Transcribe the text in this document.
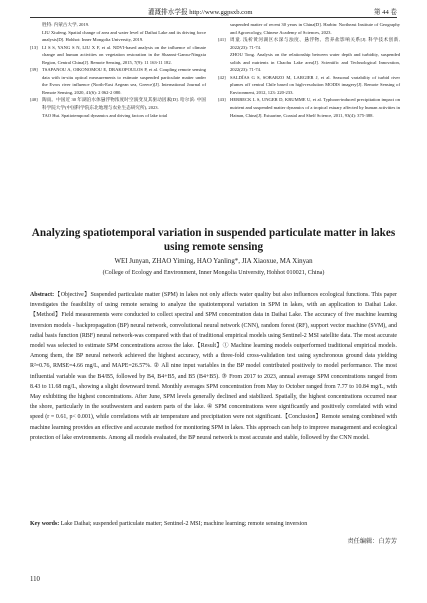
灌溉排水学报 http://www.ggpsxb.com	第 44 卷
胜特: 内蒙古大学, 2019.
LIU Xiufeng. Spatial change of area and water level of Daihai Lake and its driving force analysis[D]. Hohhot: Inner Mongolia University, 2019.
[13] LI S S, YANG S N, LIU X F, et al. NDVI-based analysis on the influence of climate change and human activities on vegetation restoration in the Shaanxi-Gansu-Ningxia Region, Central China[J]. Remote Sensing, 2015, 7(9): 11 163-11 182.
[39] TSAPANOU A, OIKONOMOU E, DRAKOPOULOS P, et al. Coupling remote sensing data with in-situ optical measurements to estimate suspended particulate matter under the Evros river influence (North-East Aegean sea, Greece)[J]. International Journal of Remote Sensing, 2020, 41(6): 2 062-2 080.
[40] 陶雨。中国近 30 年湖泊水体悬浮物浓度时空演变及其驱动因素[D]. 哈尔滨: 中国科学院大学(中国科学院东北地理与农业生态研究所), 2023.
TAO Hui. Spatiotemporal dynamics and driving factors of lake total
suspended matter of recent 30 years in China[D]. Harbin: Northeast Institute of Geography and Agroecology, Chinese Academy of Sciences, 2023.
[41] 周童. 浅析黄河湖区水深与浊度、悬浮物、营养盐影响关系[J]. 科学技术创新, 2022(23): 71-74.
ZHOU Tong. Analysis on the relationship between water depth and turbidity, suspended solids and nutrients in Chaohu Lake area[J]. Scientific and Technological Innovation, 2022(23): 71-74.
[42] SALDÍAS G S, SOBARZO M, LARGIER J, et al. Seasonal variability of turbid river plumes off central Chile based on high-resolution MODIS imagery[J]. Remote Sensing of Environment, 2012, 123: 220-233.
[43] HERBECK L S, UNGER D, KRUMME U, et al. Typhoon-induced precipitation impact on nutrient and suspended matter dynamics of a tropical estuary affected by human activities in Hainan, China[J]. Estuarine, Coastal and Shelf Science, 2011, 93(4): 375-388.
Analyzing spatiotemporal variation in suspended particulate matter in lakes using remote sensing
WEI Junyan, ZHAO Yiming, HAO Yanling*, JIA Xiaoxue, MA Xinyan
(College of Ecology and Environment, Inner Mongolia University, Hohhot 010021, China)
Abstract:【Objective】Suspended particulate matter (SPM) in lakes not only affects water quality but also influences ecological functions. This paper investigates the feasibility of using remote sensing to analyze the spatiotemporal variation in SPM in lakes, with an application to Daihai Lake.【Method】Field measurements were conducted to collect spectral and SPM concentration data in Daihai Lake. The accuracy of five machine learning inversion models - backpropagation (BP) neural network, convolutional neural network (CNN), random forest (RF), support vector machine (SVM), and radial basis function (RBF) neural network-was compared with that of traditional empirical models using Sentinel-2 MSI satellite data. The most accurate model was selected to estimate SPM concentrations across the lake.【Result】① Machine learning models outperformed traditional empirical models. Among them, the BP neural network achieved the highest accuracy, with a three-fold cross-validation test using synchronous ground data yielding R²=0.76, RMSE=4.66 mg/L, and MAPE=26.57%. ② All nine input variables in the BP model contributed positively to model performance. The most influential variable was the B4/B5, followed by B4, B4+B5, and B5 (B4+B5). ③ From 2017 to 2023, annual average SPM concentrations ranged from 8.43 to 11.68 mg/L, showing a slight downward trend. Monthly averages SPM concentration from May to October ranged from 7.77 to 10.84 mg/L, with May exhibiting the highest concentrations. After June, SPM levels generally declined and stabilized. Spatially, the highest concentrations occurred near the shore, particularly in the southwestern and eastern parts of the lake. ④ SPM concentrations were significantly and positively correlated with wind speed (r = 0.61, p< 0.001), while correlations with air temperature and precipitation were not significant.【Conclusion】Remote sensing combined with machine learning provides an effective and accurate method for monitoring SPM in lakes. This approach can help to improve management and ecological protection of lake environments. Among all models evaluated, the BP neural network is most accurate and stable, followed by the CNN model.
Key words: Lake Daihai; suspended particulate matter; Sentinel-2 MSI; machine learning; remote sensing inversion
责任编辑：白芳芳
110
